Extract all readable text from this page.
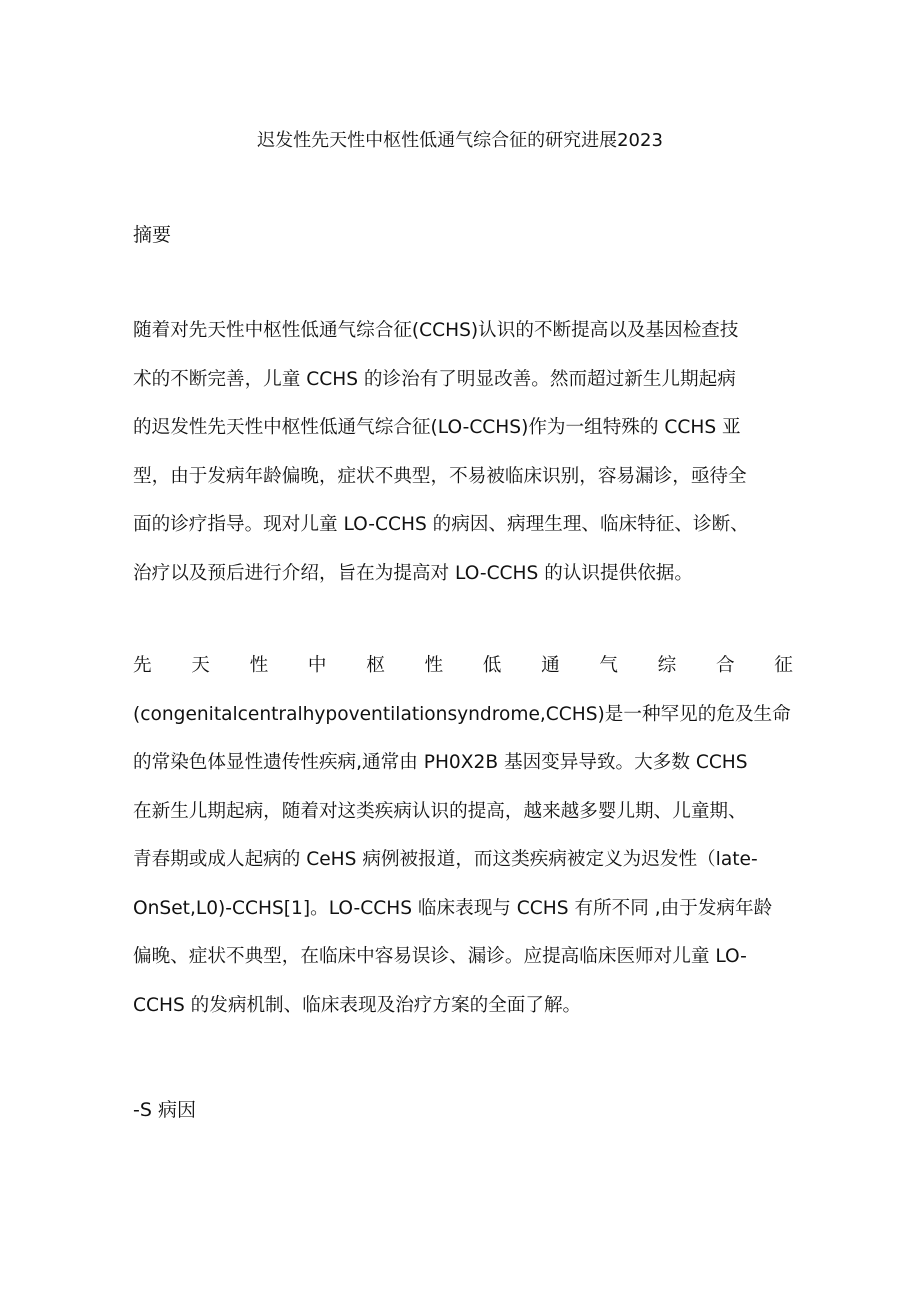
迟发性先天性中枢性低通气综合征的研究进展2023
摘要
随着对先天性中枢性低通气综合征(CCHS)认识的不断提高以及基因检查技
术的不断完善，儿童 CCHS 的诊治有了明显改善。然而超过新生儿期起病
的迟发性先天性中枢性低通气综合征(LO-CCHS)作为一组特殊的 CCHS 亚
型，由于发病年龄偏晚，症状不典型，不易被临床识别，容易漏诊，亟待全
面的诊疗指导。现对儿童 LO-CCHS 的病因、病理生理、临床特征、诊断、
治疗以及预后进行介绍，旨在为提高对 LO-CCHS 的认识提供依据。
先 天 性 中 枢 性 低 通 气 综 合 征
(congenitalcentralhypoventilationsyndrome,CCHS)是一种罕见的危及生命
的常染色体显性遗传性疾病,通常由 PH0X2B 基因变异导致。大多数 CCHS
在新生儿期起病，随着对这类疾病认识的提高，越来越多婴儿期、儿童期、
青春期或成人起病的 CeHS 病例被报道，而这类疾病被定义为迟发性（late-
OnSet,L0)-CCHS[1]。LO-CCHS 临床表现与 CCHS 有所不同 ,由于发病年龄
偏晚、症状不典型，在临床中容易误诊、漏诊。应提高临床医师对儿童 LO-
CCHS 的发病机制、临床表现及治疗方案的全面了解。
-S 病因
